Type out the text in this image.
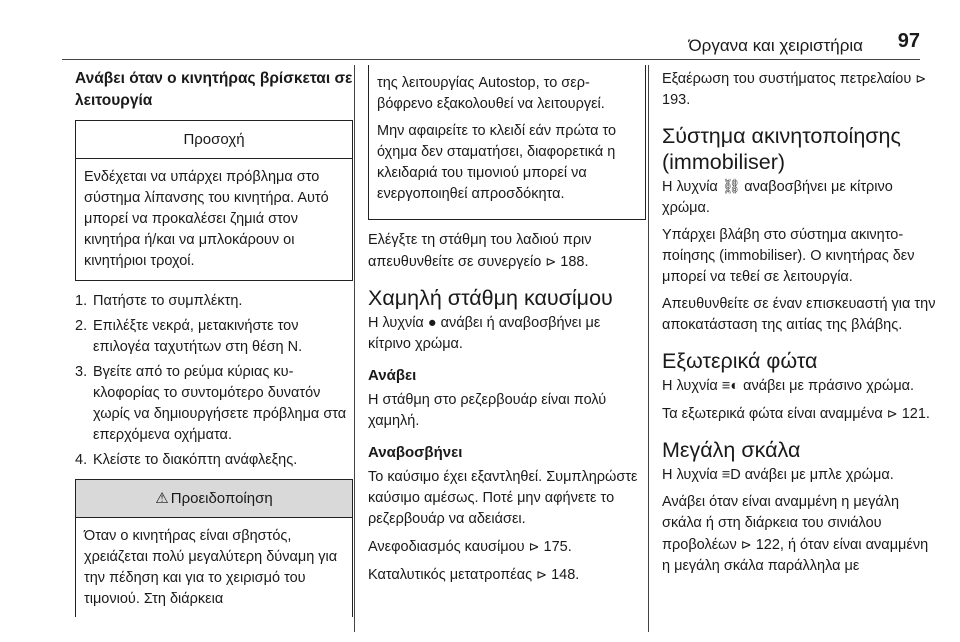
Όργανα και χειριστήρια 97
Ανάβει όταν ο κινητήρας βρίσκεται σε λειτουργία
Προσοχή
Ενδέχεται να υπάρχει πρόβλημα στο σύστημα λίπανσης του κινητήρα. Αυτό μπορεί να προκαλέσει ζημιά στον κινητήρα ή/και να μπλοκάρουν οι κινητήριοι τροχοί.
1. Πατήστε το συμπλέκτη.
2. Επιλέξτε νεκρά, μετακινήστε τον επιλογέα ταχυτήτων στη θέση N.
3. Βγείτε από το ρεύμα κύριας κυκλοφορίας το συντομότερο δυνατόν χωρίς να δημιουργήσετε πρόβλημα στα επερχόμενα οχήματα.
4. Κλείστε το διακόπτη ανάφλεξης.
⚠ Προειδοποίηση
Όταν ο κινητήρας είναι σβηστός, χρειάζεται πολύ μεγαλύτερη δύναμη για την πέδηση και για το χειρισμό του τιμονιού. Στη διάρκεια

της λειτουργίας Autostop, το σερβόφρενο εξακολουθεί να λειτουργεί.

Μην αφαιρείτε το κλειδί εάν πρώτα το όχημα δεν σταματήσει, διαφορετικά η κλειδαριά του τιμονιού μπορεί να ενεργοποιηθεί απροσδόκητα.

Ελέγξτε τη στάθμη του λαδιού πριν απευθυνθείτε σε συνεργείο ⊳ 188.

Χαμηλή στάθμη καυσίμου

Η λυχνία ● ανάβει ή αναβοσβήνει με κίτρινο χρώμα.

Ανάβει

Η στάθμη στο ρεζερβουάρ είναι πολύ χαμηλή.

Αναβοσβήνει

Το καύσιμο έχει εξαντληθεί. Συμπληρώστε καύσιμο αμέσως. Ποτέ μην αφήνετε το ρεζερβουάρ να αδειάσει.

Ανεφοδιασμός καυσίμου ⊳ 175.

Καταλυτικός μετατροπέας ⊳ 148.

Εξαέρωση του συστήματος πετρελαίου ⊳ 193.

Σύστημα ακινητοποίησης (immobiliser)

Η λυχνία ⛓ αναβοσβήνει με κίτρινο χρώμα.

Υπάρχει βλάβη στο σύστημα ακινητοποίησης (immobiliser). Ο κινητήρας δεν μπορεί να τεθεί σε λειτουργία.

Απευθυνθείτε σε έναν επισκευαστή για την αποκατάσταση της αιτίας της βλάβης.

Εξωτερικά φώτα

Η λυχνία ≡◐ ανάβει με πράσινο χρώμα.

Τα εξωτερικά φώτα είναι αναμμένα ⊳ 121.

Μεγάλη σκάλα

Η λυχνία ≡D ανάβει με μπλε χρώμα.

Ανάβει όταν είναι αναμμένη η μεγάλη σκάλα ή στη διάρκεια του σινιάλου προβολέων ⊳ 122, ή όταν είναι αναμμένη η μεγάλη σκάλα παράλληλα με
